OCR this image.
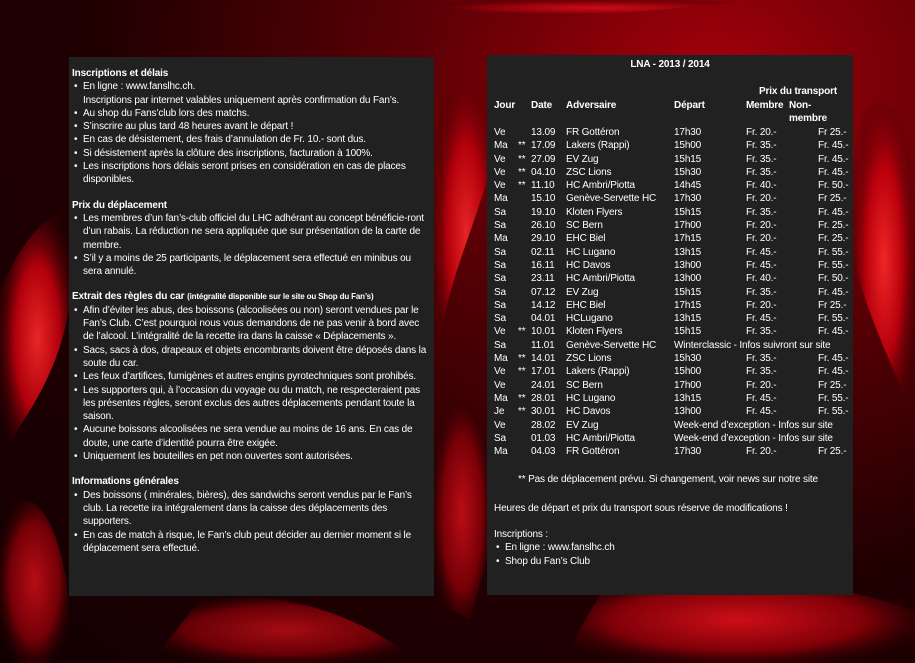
Inscriptions et délais
• En ligne : www.fanslhc.ch.
Inscriptions par internet valables uniquement après confirmation du Fan’s.
• Au shop du Fans’club lors des matchs.
• S’inscrire au plus tard 48 heures avant le départ !
• En cas de désistement, des frais d’annulation de Fr. 10.- sont dus.
• Si désistement après la clôture des inscriptions, facturation à 100%.
• Les inscriptions hors délais seront prises en considération en cas de places disponibles.
Prix du déplacement
• Les membres d’un fan’s-club officiel du LHC adhérant au concept bénéficie-ront d’un rabais. La réduction ne sera appliquée que sur présentation de la carte de membre.
• S’il y a moins de 25 participants, le déplacement sera effectué en minibus ou sera annulé.
Extrait des règles du car (intégralité disponible sur le site ou Shop du Fan’s)
• Afin d’éviter les abus, des boissons (alcoolisées ou non) seront vendues par le Fan’s Club. C’est pourquoi nous vous demandons de ne pas venir à bord avec de l’alcool. L’intégralité de la recette ira dans la caisse « Déplacements ».
• Sacs, sacs à dos, drapeaux et objets encombrants doivent être déposés dans la soute du car.
• Les feux d’artifices, fumigènes et autres engins pyrotechniques sont prohibés.
• Les supporters qui, à l’occasion du voyage ou du match, ne respecteraient pas les présentes règles, seront exclus des autres déplacements pendant toute la saison.
• Aucune boissons alcoolisées ne sera vendue au moins de 16 ans. En cas de doute, une carte d’identité pourra être exigée.
• Uniquement les bouteilles en pet non ouvertes sont autorisées.
Informations générales
• Des boissons ( minérales, bières), des sandwichs seront vendus par le Fan’s club. La recette ira intégralement dans la caisse des déplacements des supporters.
• En cas de match à risque, le Fan’s club peut décider au dernier moment si le déplacement sera effectué.
LNA - 2013 / 2014
Prix du transport
Jour Date Adversaire	Départ	Membre Non-membre
Ve	13.09 FR Gottéron	17h30	Fr. 20.-	Fr 25.-
Ma ** 17.09 Lakers (Rappi)	15h00	Fr. 35.-	Fr. 45.-
Ve ** 27.09 EV Zug	15h15	Fr. 35.-	Fr. 45.-
Ve ** 04.10 ZSC Lions	15h30	Fr. 35.-	Fr. 45.-
Ve ** 11.10 HC Ambri/Piotta	14h45	Fr. 40.-	Fr. 50.-
Ma 15.10 Genève-Servette HC 17h30	Fr. 20.-	Fr 25.-
Sa	19.10 Kloten Flyers	15h15	Fr. 35.-	Fr. 45.-
Sa	26.10 SC Bern	17h00	Fr. 20.-	Fr. 25.-
Ma 29.10 EHC Biel	17h15	Fr. 20.-	Fr. 25.-
Sa	02.11 HC Lugano	13h15	Fr. 45.-	Fr. 55.-
Sa	16.11 HC Davos	13h00	Fr. 45.-	Fr. 55.-
Sa	23.11 HC Ambri/Piotta	13h00	Fr. 40.-	Fr. 50.-
Sa	07.12 EV Zug	15h15	Fr. 35.-	Fr. 45.-
Sa	14.12 EHC Biel	17h15	Fr. 20.-	Fr 25.-
Sa	04.01 HCLugano	13h15	Fr. 45.-	Fr. 55.-
Ve ** 10.01 Kloten Flyers	15h15	Fr. 35.-	Fr. 45.-
Sa	11.01 Genève-Servette HC Winterclassic - Infos suivront sur site
Ma ** 14.01 ZSC Lions	15h30	Fr. 35.-	Fr. 45.-
Ve ** 17.01 Lakers (Rappi)	15h00	Fr. 35.-	Fr. 45.-
Ve	24.01 SC Bern	17h00	Fr. 20.-	Fr 25.-
Ma ** 28.01 HC Lugano	13h15	Fr. 45.-	Fr. 55.-
Je ** 30.01 HC Davos	13h00	Fr. 45.-	Fr. 55.-
Ve	28.02 EV Zug	Week-end d’exception - Infos sur site
Sa	01.03 HC Ambri/Piotta	Week-end d’exception - Infos sur site
Ma 04.03 FR Gottéron	17h30	Fr. 20.-	Fr 25.-
** Pas de déplacement prévu. Si changement, voir news sur notre site
Heures de départ et prix du transport sous réserve de modifications !
Inscriptions :
• En ligne : www.fanslhc.ch
• Shop du Fan’s Club
